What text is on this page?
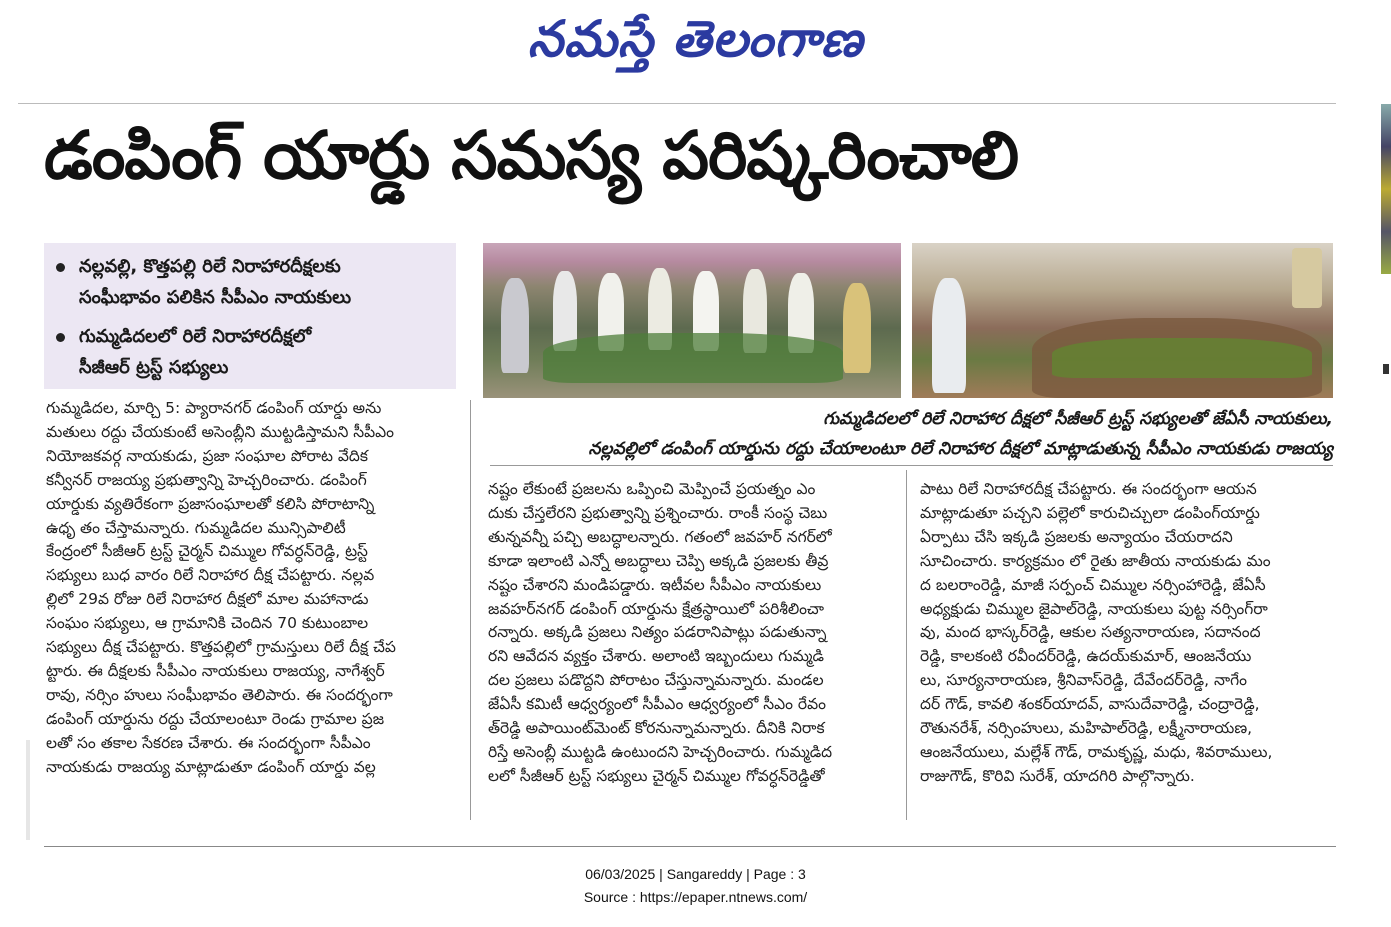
నమస్తే తెలంగాణ
డంపింగ్ యార్డు సమస్య పరిష్కరించాలి
నల్లవల్లి, కొత్తపల్లి రిలే నిరాహారదీక్షలకు
సంఘీభావం పలికిన సీపీఎం నాయకులు
గుమ్మడిదలలో రిలే నిరాహారదీక్షలో
సీజీఆర్ ట్రస్ట్ సభ్యులు
గుమ్మడిదలలో రిలే నిరాహార దీక్షలో సీజీఆర్ ట్రస్ట్ సభ్యులతో జేఏసీ నాయకులు,
నల్లవల్లిలో డంపింగ్ యార్డును రద్దు చేయాలంటూ రిలే నిరాహార దీక్షలో మాట్లాడుతున్న సీపీఎం నాయకుడు రాజయ్య

గుమ్మడిదల, మార్చి 5: ప్యారానగర్ డంపింగ్ యార్డు అను

మతులు రద్దు చేయకుంటే అసెంబ్లీని ముట్టడిస్తామని సీపీఎం

నియోజకవర్గ నాయకుడు, ప్రజా సంఘాల పోరాట వేదిక

కన్వీనర్ రాజయ్య ప్రభుత్వాన్ని హెచ్చరించారు. డంపింగ్

యార్డుకు వ్యతిరేకంగా ప్రజాసంఘాలతో కలిసి పోరాటాన్ని

ఉధృ తం చేస్తామన్నారు. గుమ్మడిదల మున్సిపాలిటీ

కేంద్రంలో సీజీఆర్ ట్రస్ట్ చైర్మన్ చిమ్ముల గోవర్ధన్‌రెడ్డి, ట్రస్ట్

సభ్యులు బుధ వారం రిలే నిరాహార దీక్ష చేపట్టారు. నల్లవ

ల్లిలో 29వ రోజు రిలే నిరాహార దీక్షలో మాల మహానాడు

సంఘం సభ్యులు, ఆ గ్రామానికి చెందిన 70 కుటుంబాల

సభ్యులు దీక్ష చేపట్టారు. కొత్తపల్లిలో గ్రామస్తులు రిలే దీక్ష చేప

ట్టారు. ఈ దీక్షలకు సీపీఎం నాయకులు రాజయ్య, నాగేశ్వర్

రావు, నర్సిం హులు సంఘీభావం తెలిపారు. ఈ సందర్భంగా

డంపింగ్ యార్డును రద్దు చేయాలంటూ రెండు గ్రామాల ప్రజ

లతో సం తకాల సేకరణ చేశారు. ఈ సందర్భంగా సీపీఎం

నాయకుడు రాజయ్య మాట్లాడుతూ డంపింగ్ యార్డు వల్ల

నష్టం లేకుంటే ప్రజలను ఒప్పించి మెప్పించే ప్రయత్నం ఎం

దుకు చేస్తలేరని ప్రభుత్వాన్ని ప్రశ్నించారు. రాంకీ సంస్థ చెబు

తున్నవన్నీ పచ్చి అబద్ధాలన్నారు. గతంలో జవహర్ నగర్‌లో

కూడా ఇలాంటి ఎన్నో అబద్ధాలు చెప్పి అక్కడి ప్రజలకు తీవ్ర

నష్టం చేశారని మండిపడ్డారు. ఇటీవల సీపీఎం నాయకులు

జవహర్‌నగర్ డంపింగ్ యార్డును క్షేత్రస్థాయిలో పరిశీలించా

రన్నారు. అక్కడి ప్రజలు నిత్యం పడరానిపాట్లు పడుతున్నా

రని ఆవేదన వ్యక్తం చేశారు. అలాంటి ఇబ్బందులు గుమ్మడి

దల ప్రజలు పడొద్దని పోరాటం చేస్తున్నామన్నారు. మండల

జేఏసీ కమిటీ ఆధ్వర్యంలో సీపీఎం ఆధ్వర్యంలో సీఎం రేవం

త్‌రెడ్డి అపాయింట్‌మెంట్ కోరనున్నామన్నారు. దీనికి నిరాక

రిస్తే అసెంబ్లీ ముట్టడి ఉంటుందని హెచ్చరించారు. గుమ్మడిద

లలో సీజీఆర్ ట్రస్ట్ సభ్యులు చైర్మన్ చిమ్ముల గోవర్ధన్‌రెడ్డితో

పాటు రిలే నిరాహారదీక్ష చేపట్టారు. ఈ సందర్భంగా ఆయన

మాట్లాడుతూ పచ్చని పల్లెలో కారుచిచ్చులా డంపింగ్‌యార్డు

ఏర్పాటు చేసి ఇక్కడి ప్రజలకు అన్యాయం చేయరాదని

సూచించారు. కార్యక్రమం లో రైతు జాతీయ నాయకుడు మం

ద బలరాంరెడ్డి, మాజీ సర్పంచ్ చిమ్ముల నర్సింహారెడ్డి, జేఏసీ

అధ్యక్షుడు చిమ్ముల జైపాల్‌రెడ్డి, నాయకులు పుట్ట నర్సింగ్‌రా

వు, మంద భాస్కర్‌రెడ్డి, ఆకుల సత్యనారాయణ, సదానంద

రెడ్డి, కాలకంటి రవీందర్‌రెడ్డి, ఉదయ్‌కుమార్, ఆంజనేయు

లు, సూర్యనారాయణ, శ్రీనివాస్‌రెడ్డి, దేవేందర్‌రెడ్డి, నాగేం

దర్ గౌడ్, కావలి శంకర్‌యాదవ్, వాసుదేవారెడ్డి, చంద్రారెడ్డి,

రౌతునరేశ్, నర్సింహులు, మహిపాల్‌రెడ్డి, లక్ష్మీనారాయణ,

ఆంజనేయులు, మల్లేశ్ గౌడ్, రామకృష్ణ, మధు, శివరాములు,

రాజుగౌడ్, కొరివి సురేశ్, యాదగిరి పాల్గొన్నారు.

06/03/2025 | Sangareddy | Page : 3
Source : https://epaper.ntnews.com/
